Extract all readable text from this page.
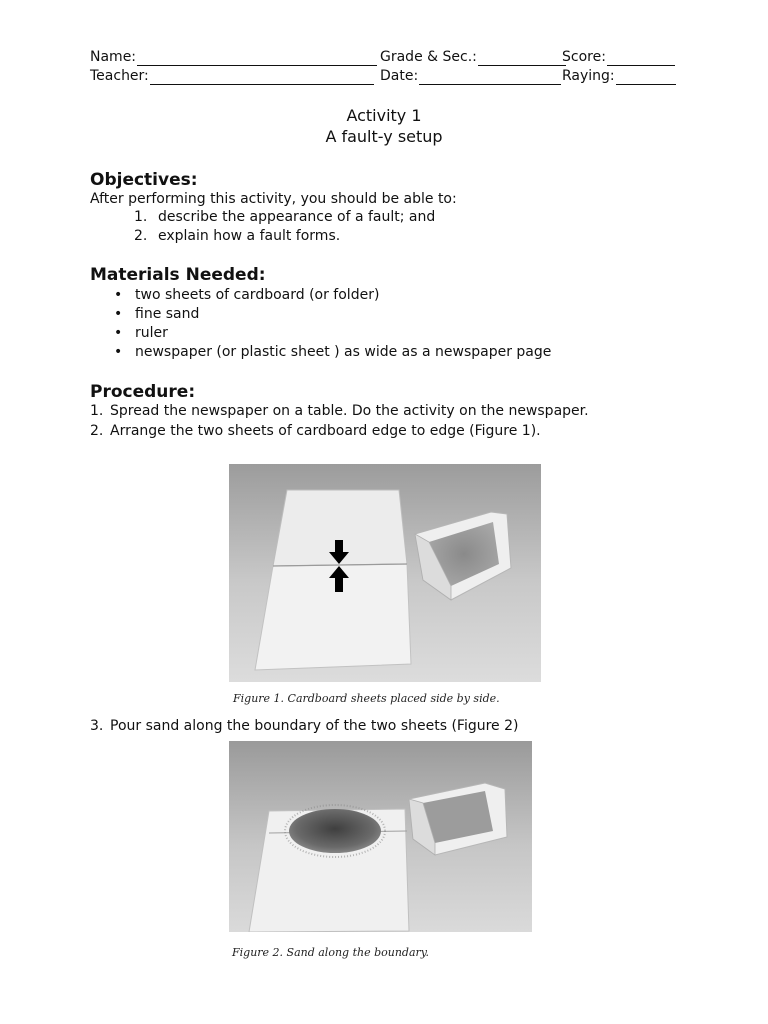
Name:	Grade & Sec.:	Score:
Teacher:	Date:	Raying:
Activity 1
A fault-y setup
Objectives:
After performing this activity, you should be able to:
1. describe the appearance of a fault; and
2. explain how a fault forms.
Materials Needed:
• two sheets of cardboard (or folder)
• fine sand
• ruler
• newspaper (or plastic sheet ) as wide as a newspaper page
Procedure:
1. Spread the newspaper on a table. Do the activity on the newspaper.
2. Arrange the two sheets of cardboard edge to edge (Figure 1).
Figure 1. Cardboard sheets placed side by side.
3. Pour sand along the boundary of the two sheets (Figure 2)
Figure 2. Sand along the boundary.
